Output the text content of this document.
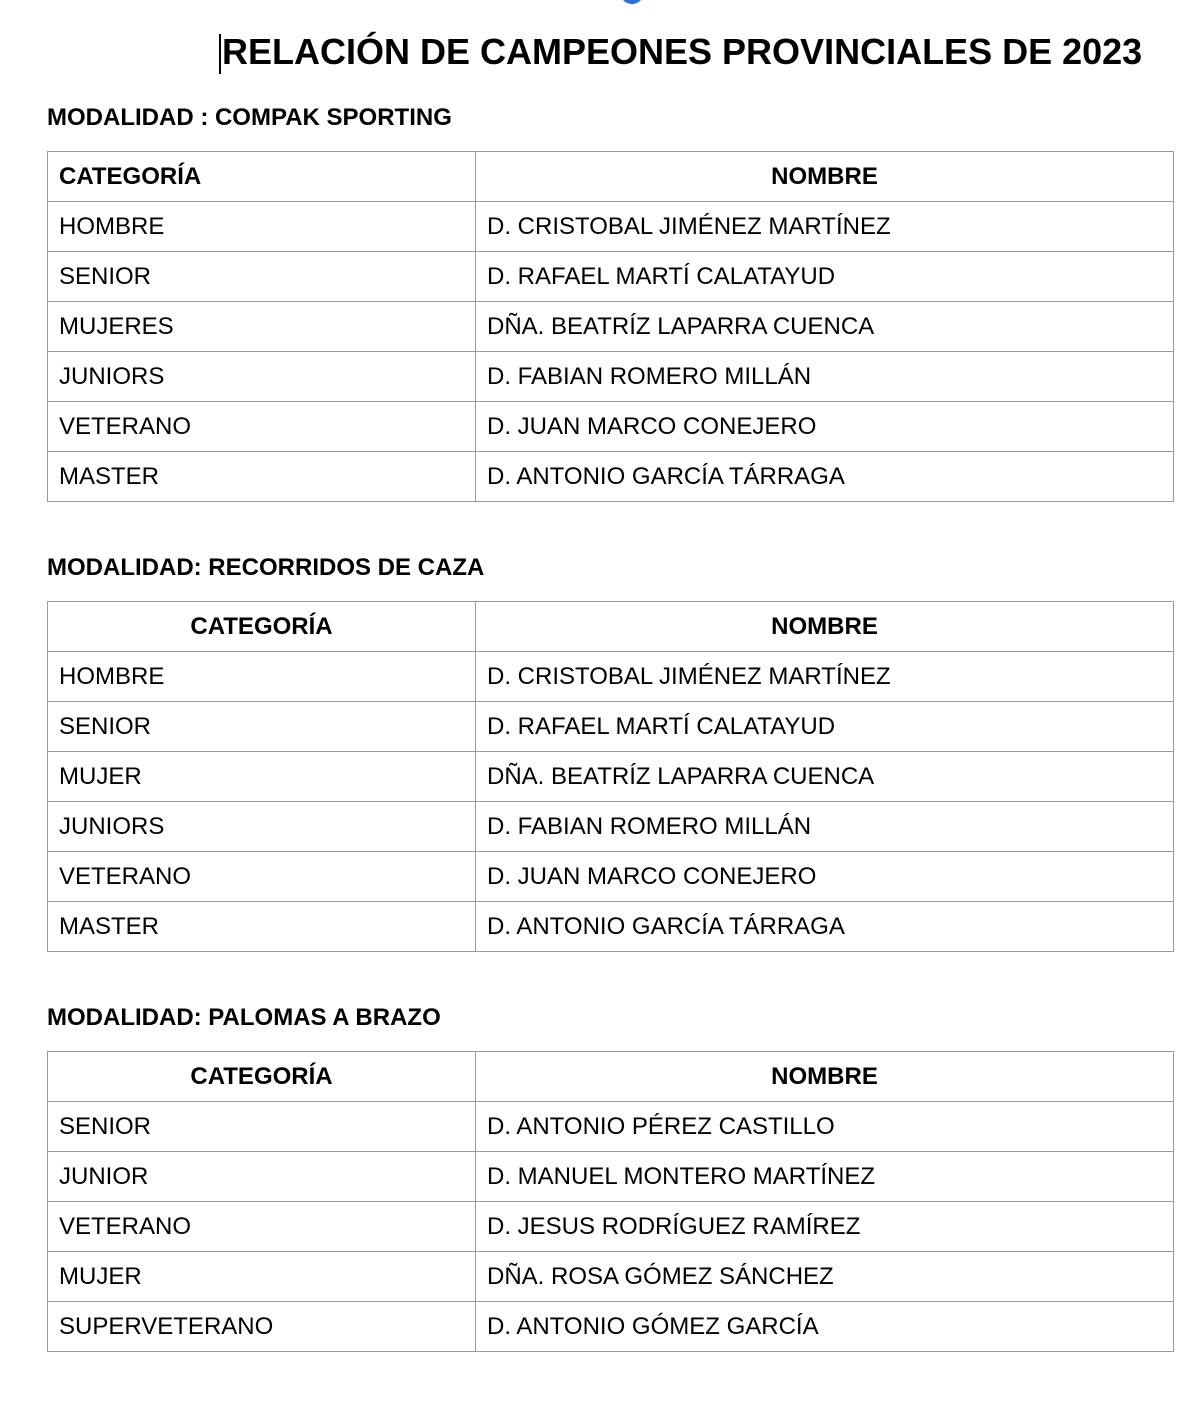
RELACIÓN DE CAMPEONES PROVINCIALES DE 2023
MODALIDAD : COMPAK SPORTING
CATEGORÍA	NOMBRE
HOMBRE	D. CRISTOBAL JIMÉNEZ MARTÍNEZ
SENIOR	D. RAFAEL MARTÍ CALATAYUD
MUJERES	DÑA. BEATRÍZ LAPARRA CUENCA
JUNIORS	D. FABIAN ROMERO MILLÁN
VETERANO	D. JUAN MARCO CONEJERO
MASTER	D. ANTONIO GARCÍA TÁRRAGA
MODALIDAD: RECORRIDOS DE CAZA
CATEGORÍA	NOMBRE
HOMBRE	D. CRISTOBAL JIMÉNEZ MARTÍNEZ
SENIOR	D. RAFAEL MARTÍ CALATAYUD
MUJER	DÑA. BEATRÍZ LAPARRA CUENCA
JUNIORS	D. FABIAN ROMERO MILLÁN
VETERANO	D. JUAN MARCO CONEJERO
MASTER	D. ANTONIO GARCÍA TÁRRAGA
MODALIDAD: PALOMAS A BRAZO
CATEGORÍA	NOMBRE
SENIOR	D. ANTONIO PÉREZ CASTILLO
JUNIOR	D. MANUEL MONTERO MARTÍNEZ
VETERANO	D. JESUS RODRÍGUEZ RAMÍREZ
MUJER	DÑA. ROSA GÓMEZ SÁNCHEZ
SUPERVETERANO	D. ANTONIO GÓMEZ GARCÍA
